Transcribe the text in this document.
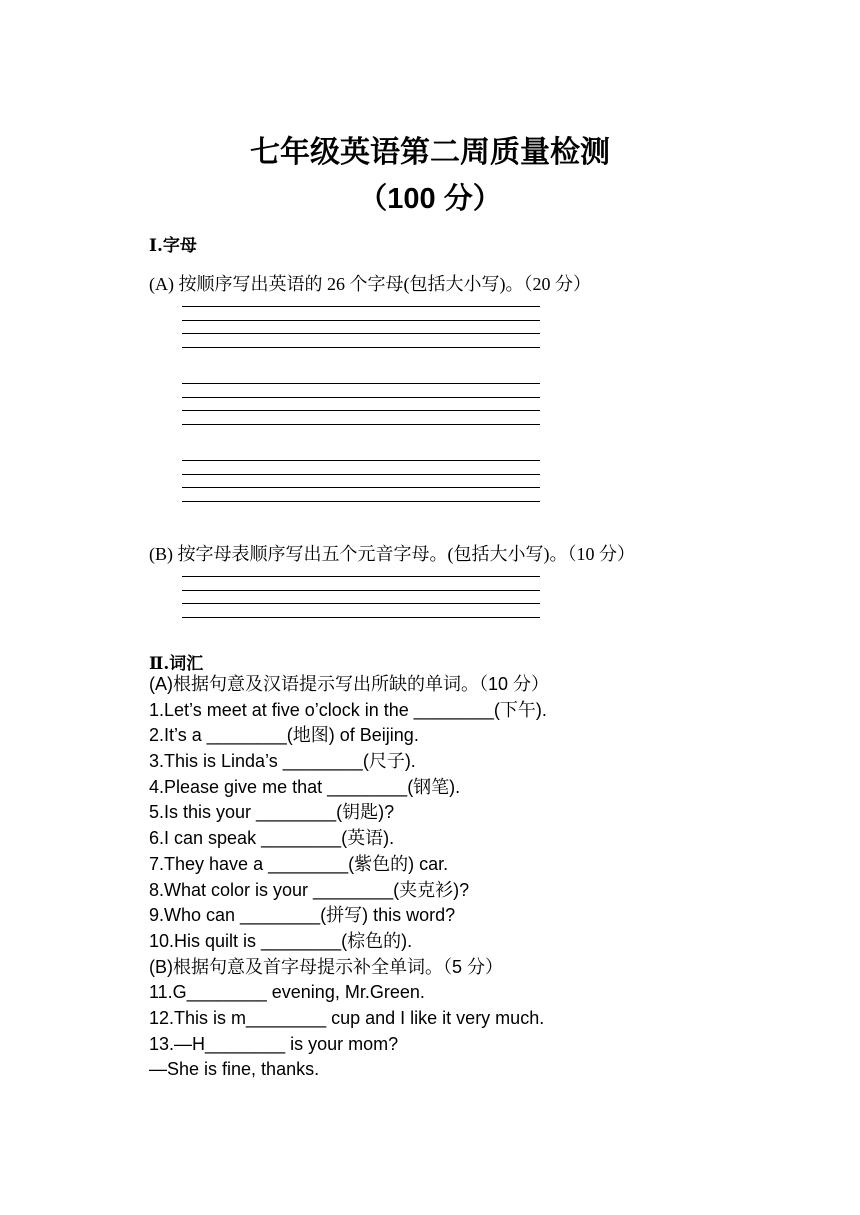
七年级英语第二周质量检测
（100 分）
Ⅰ.字母
(A) 按顺序写出英语的 26 个字母(包括大小写)。（20 分）
(B) 按字母表顺序写出五个元音字母。(包括大小写)。（10 分）
Ⅱ.词汇
(A)根据句意及汉语提示写出所缺的单词。（10 分）
1.Let’s meet at five o’clock in the ________(下午).
2.It’s a ________(地图) of Beijing.
3.This is Linda’s ________(尺子).
4.Please give me that ________(钢笔).
5.Is this your ________(钥匙)?
6.I can speak ________(英语).
7.They have a ________(紫色的) car.
8.What color is your ________(夹克衫)?
9.Who can ________(拼写) this word?
10.His quilt is ________(棕色的).
(B)根据句意及首字母提示补全单词。（5 分）
11.G________ evening, Mr.Green.
12.This is m________ cup and I like it very much.
13.—H________ is your mom?
—She is fine, thanks.
